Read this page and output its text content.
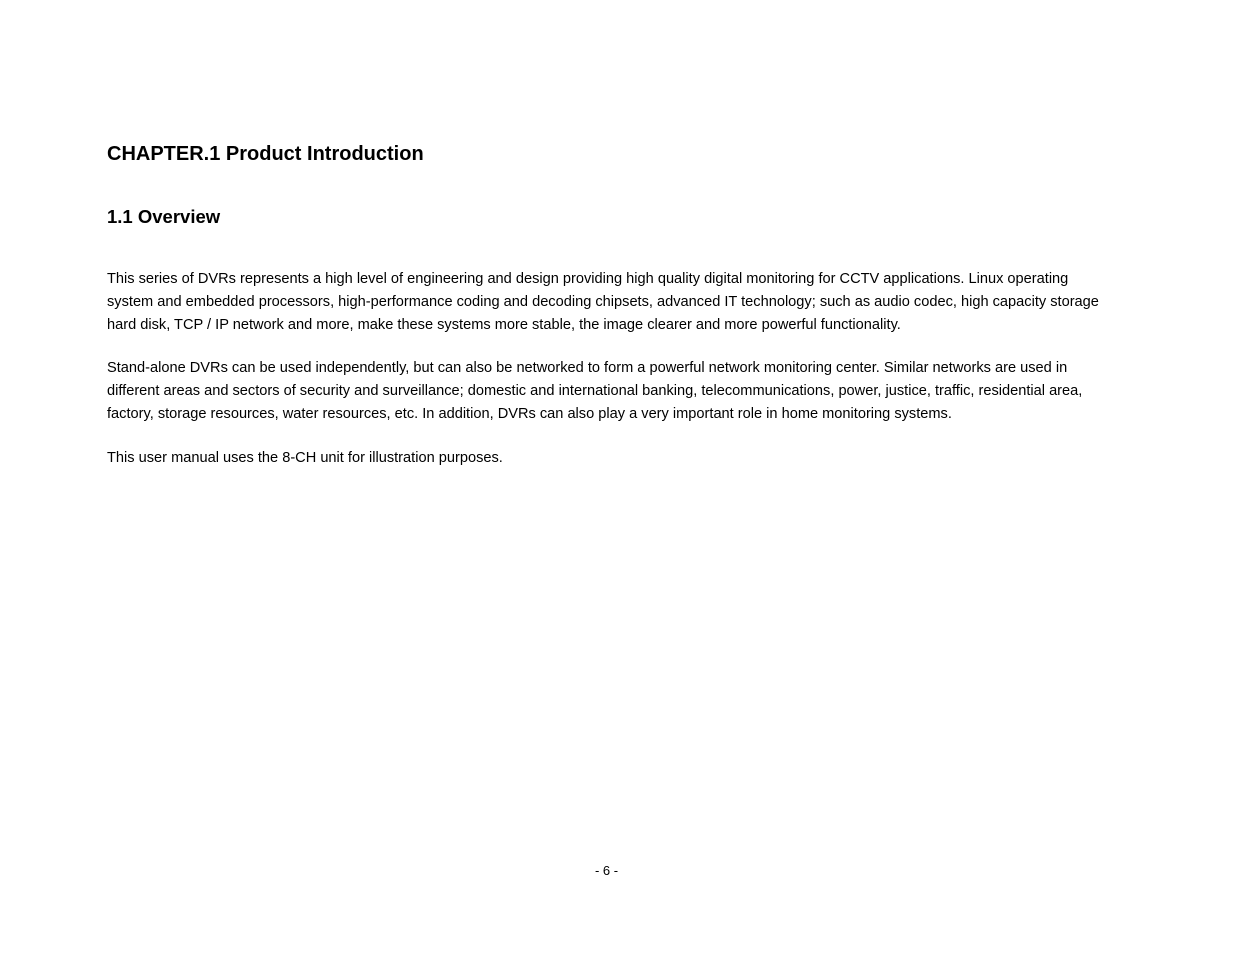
CHAPTER.1 Product Introduction
1.1 Overview

This series of DVRs represents a high level of engineering and design providing high quality digital monitoring for CCTV applications. Linux operating system and embedded processors, high-performance coding and decoding chipsets, advanced IT technology; such as audio codec, high capacity storage hard disk, TCP / IP network and more, make these systems more stable, the image clearer and more powerful functionality.

Stand-alone DVRs can be used independently, but can also be networked to form a powerful network monitoring center. Similar networks are used in different areas and sectors of security and surveillance; domestic and international banking, telecommunications, power, justice, traffic, residential area, factory, storage resources, water resources, etc. In addition, DVRs can also play a very important role in home monitoring systems.

This user manual uses the 8-CH unit for illustration purposes.

- 6 -
